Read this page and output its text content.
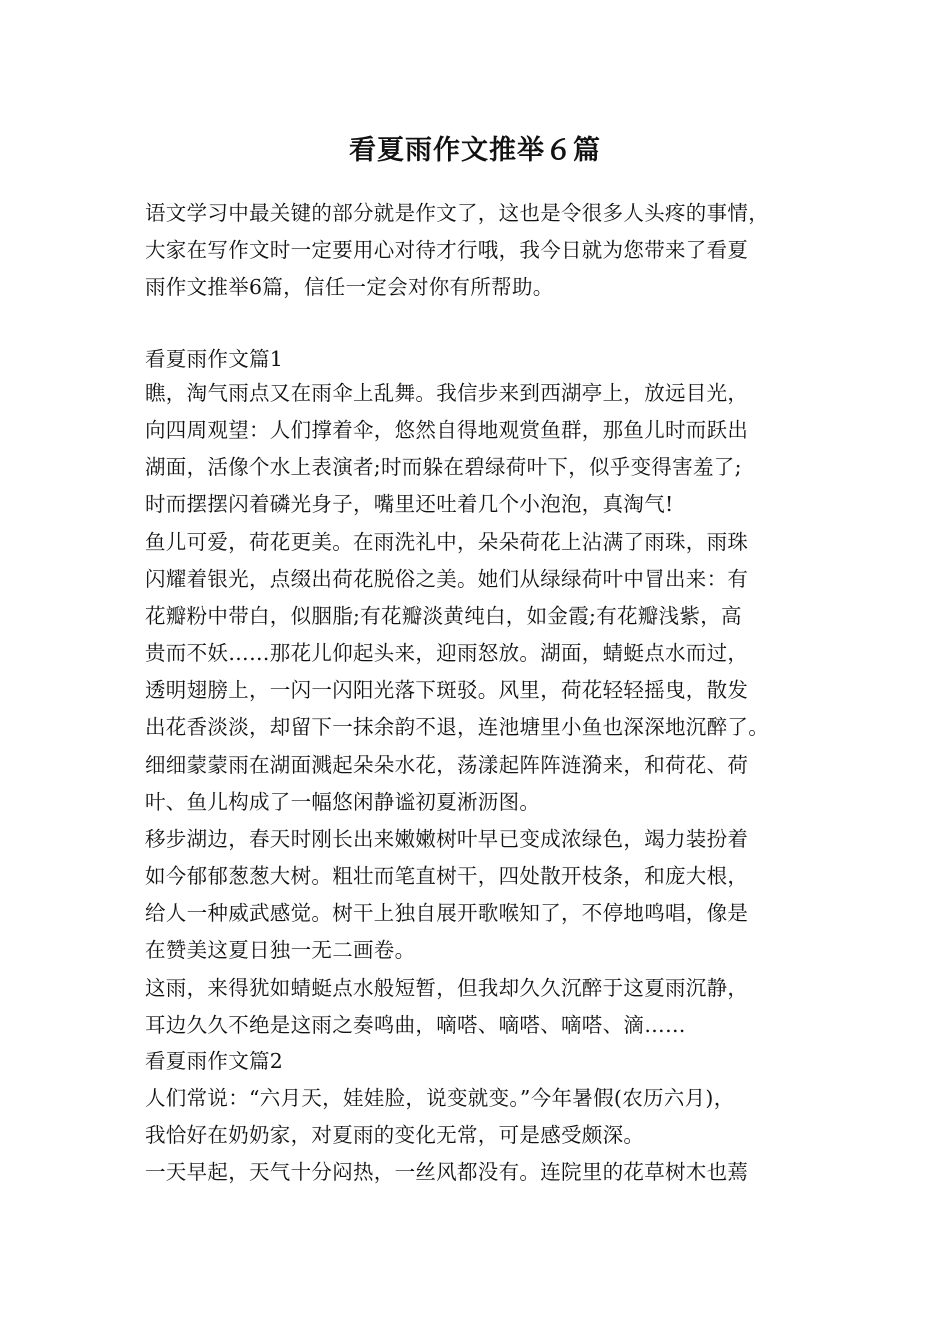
看夏雨作文推举６篇
语文学习中最关键的部分就是作文了，这也是令很多人头疼的事情，
大家在写作文时一定要用心对待才行哦，我今日就为您带来了看夏
雨作文推举6篇，信任一定会对你有所帮助。
看夏雨作文篇1
瞧，淘气雨点又在雨伞上乱舞。我信步来到西湖亭上，放远目光，
向四周观望：人们撑着伞，悠然自得地观赏鱼群，那鱼儿时而跃出
湖面，活像个水上表演者;时而躲在碧绿荷叶下，似乎变得害羞了;
时而摆摆闪着磷光身子，嘴里还吐着几个小泡泡，真淘气!
鱼儿可爱，荷花更美。在雨洗礼中，朵朵荷花上沾满了雨珠，雨珠
闪耀着银光，点缀出荷花脱俗之美。她们从绿绿荷叶中冒出来：有
花瓣粉中带白，似胭脂;有花瓣淡黄纯白，如金霞;有花瓣浅紫，高
贵而不妖……那花儿仰起头来，迎雨怒放。湖面，蜻蜓点水而过，
透明翅膀上，一闪一闪阳光落下斑驳。风里，荷花轻轻摇曳，散发
出花香淡淡，却留下一抹余韵不退，连池塘里小鱼也深深地沉醉了。
细细蒙蒙雨在湖面溅起朵朵水花，荡漾起阵阵涟漪来，和荷花、荷
叶、鱼儿构成了一幅悠闲静谧初夏淅沥图。
移步湖边，春天时刚长出来嫩嫩树叶早已变成浓绿色，竭力装扮着
如今郁郁葱葱大树。粗壮而笔直树干，四处散开枝条，和庞大根，
给人一种威武感觉。树干上独自展开歌喉知了，不停地鸣唱，像是
在赞美这夏日独一无二画卷。
这雨，来得犹如蜻蜓点水般短暂，但我却久久沉醉于这夏雨沉静，
耳边久久不绝是这雨之奏鸣曲，嘀嗒、嘀嗒、嘀嗒、滴……
看夏雨作文篇2
人们常说：“六月天，娃娃脸，说变就变。”今年暑假(农历六月)，
我恰好在奶奶家，对夏雨的变化无常，可是感受颇深。
一天早起，天气十分闷热，一丝风都没有。连院里的花草树木也蔫
